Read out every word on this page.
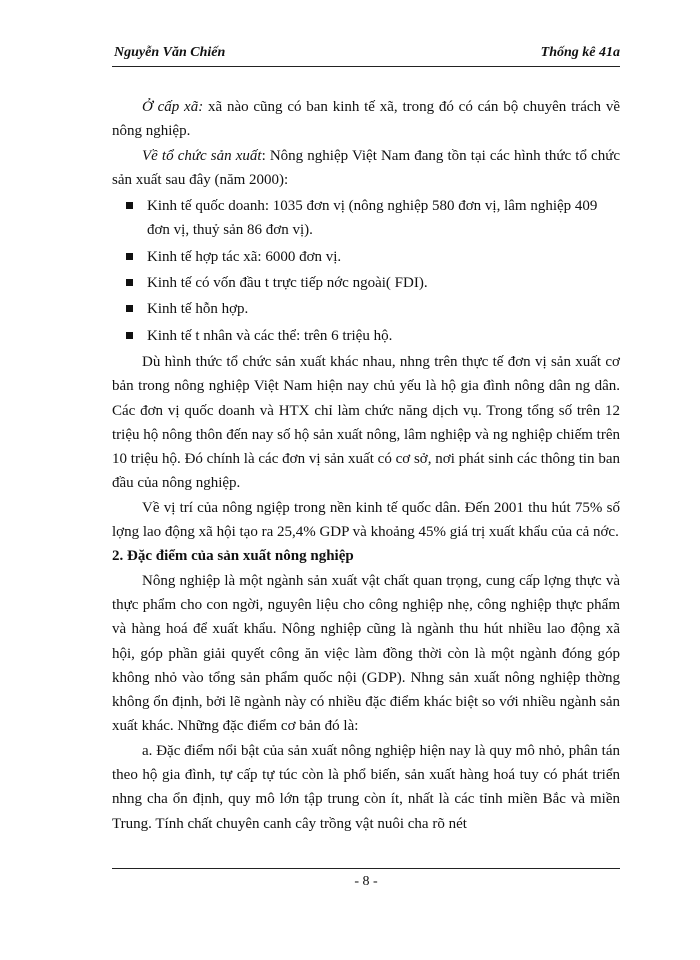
Nguyễn Văn Chiến	Thống kê 41a

Ở cấp xã: xã nào cũng có ban kinh tế xã, trong đó có cán bộ chuyên trách về nông nghiệp.

Về tổ chức sản xuất: Nông nghiệp Việt Nam đang tồn tại các hình thức tổ chức sản xuất sau đây (năm 2000):

Kinh tế quốc doanh: 1035 đơn vị (nông nghiệp 580 đơn vị, lâm nghiệp 409 đơn vị, thuỷ sản 86 đơn vị).
Kinh tế hợp tác xã: 6000 đơn vị.
Kinh tế có vốn đầu t trực tiếp nớc ngoài( FDI).
Kinh tế hỗn hợp.
Kinh tế t nhân và các thể: trên 6 triệu hộ.

Dù hình thức tổ chức sản xuất khác nhau, nhng trên thực tế đơn vị sản xuất cơ bản trong nông nghiệp Việt Nam hiện nay chủ yếu là hộ gia đình nông dân ng dân. Các đơn vị quốc doanh và HTX chỉ làm chức năng dịch vụ. Trong tổng số trên 12 triệu hộ nông thôn đến nay số hộ sản xuất nông, lâm nghiệp và ng nghiệp chiếm trên 10 triệu hộ. Đó chính là các đơn vị sản xuất có cơ sở, nơi phát sinh các thông tin ban đầu của nông nghiệp.

Về vị trí của nông ngiệp trong nền kinh tế quốc dân. Đến 2001 thu hút 75% số lợng lao động xã hội tạo ra 25,4% GDP và khoảng 45% giá trị xuất khẩu của cả nớc.

2. Đặc điểm của sản xuất nông nghiệp

Nông nghiệp là một ngành sản xuất vật chất quan trọng, cung cấp lợng thực và thực phẩm cho con ngời, nguyên liệu cho công nghiệp nhẹ, công nghiệp thực phẩm và hàng hoá để xuất khẩu. Nông nghiệp cũng là ngành thu hút nhiều lao động xã hội, góp phần giải quyết công ăn việc làm đồng thời còn là một ngành đóng góp không nhỏ vào tổng sản phẩm quốc nội (GDP). Nhng sản xuất nông nghiệp thờng không ổn định, bởi lẽ ngành này có nhiều đặc điểm khác biệt so với nhiều ngành sản xuất khác. Những đặc điểm cơ bản đó là:

a. Đặc điểm nổi bật của sản xuất nông nghiệp hiện nay là quy mô nhỏ, phân tán theo hộ gia đình, tự cấp tự túc còn là phổ biến, sản xuất hàng hoá tuy có phát triển nhng cha ổn định, quy mô lớn tập trung còn ít, nhất là các tỉnh miền Bắc và miền Trung. Tính chất chuyên canh cây trồng vật nuôi cha rõ nét

- 8 -
